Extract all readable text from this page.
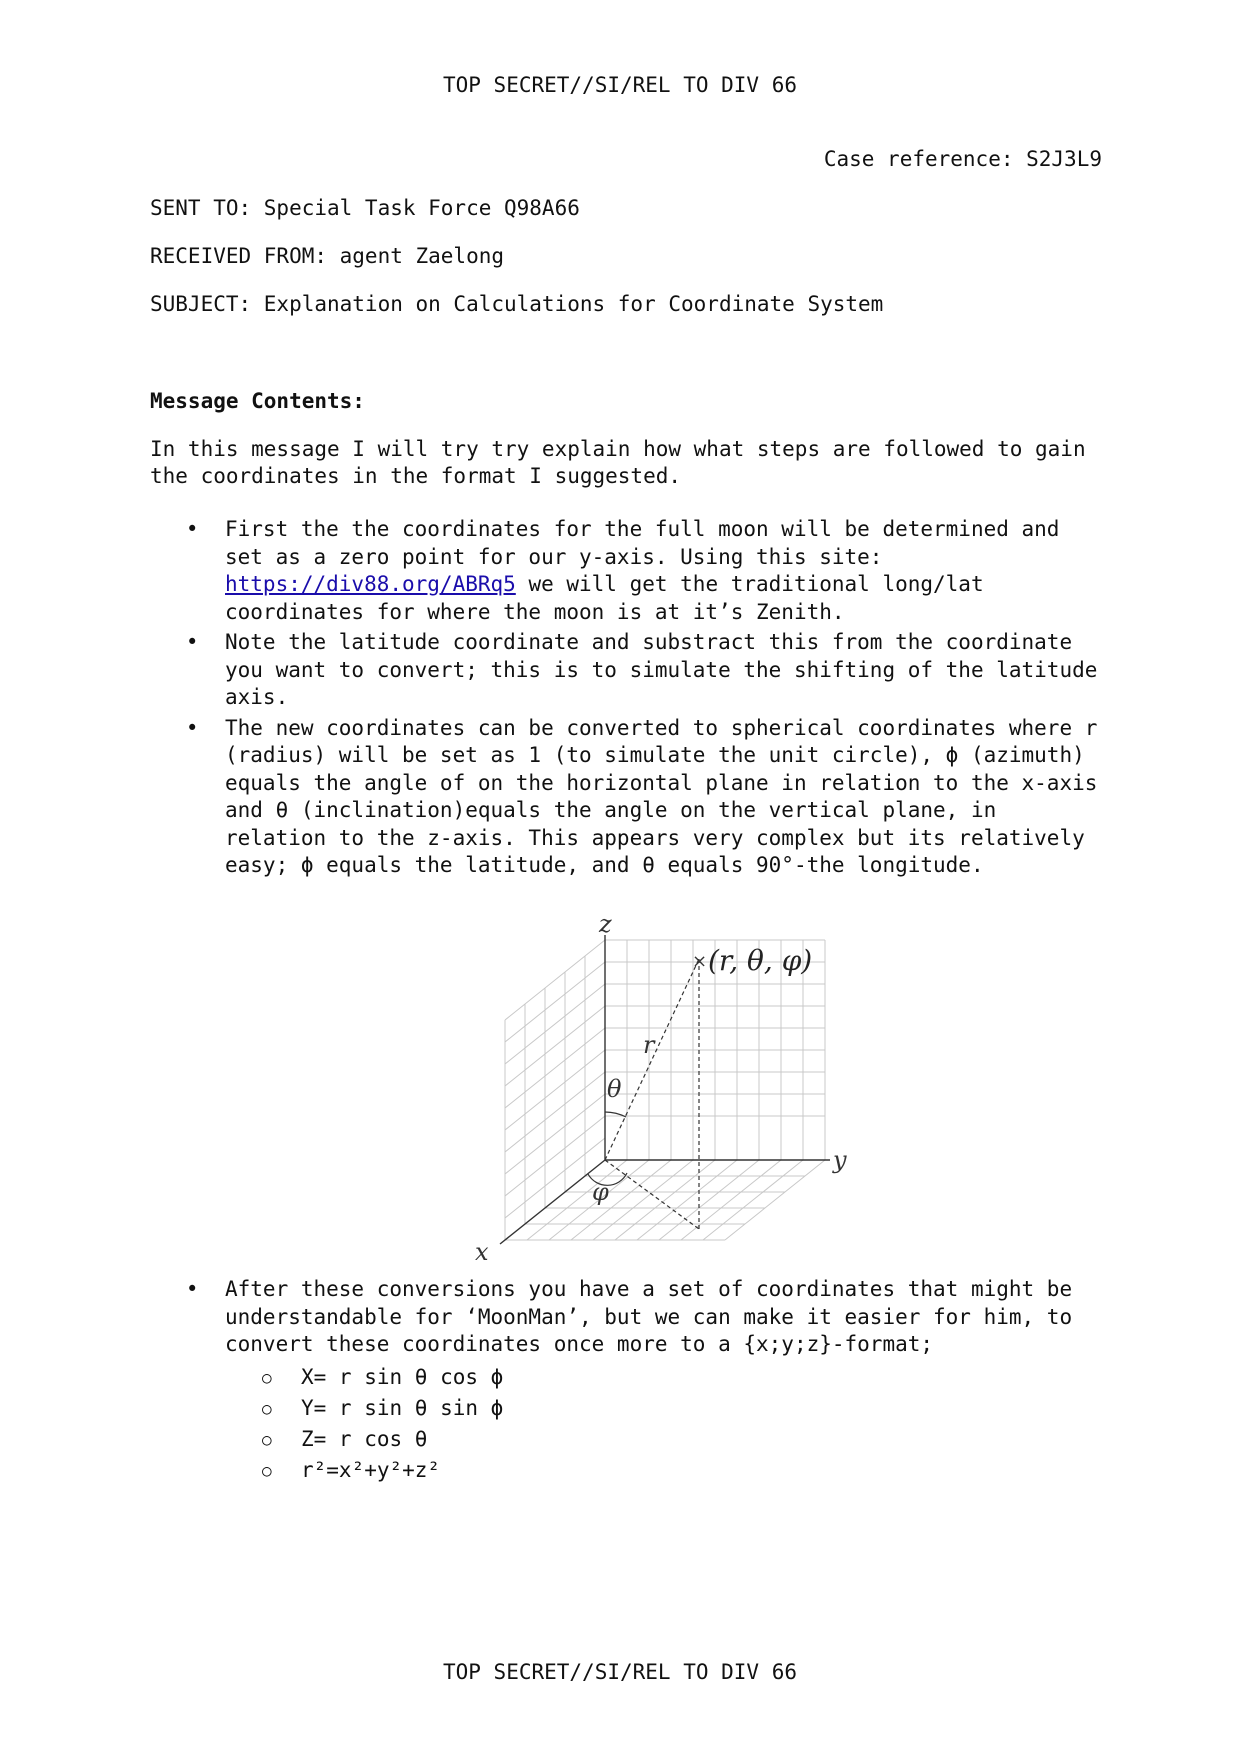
TOP SECRET//SI/REL TO DIV 66
Case reference: S2J3L9
SENT TO: Special Task Force Q98A66
RECEIVED FROM: agent Zaelong
SUBJECT: Explanation on Calculations for Coordinate System
Message Contents:

In this message I will try try explain how what steps are followed to gain the coordinates in the format I suggested.

• First the the coordinates for the full moon will be determined and set as a zero point for our y-axis. Using this site: https://div88.org/ABRq5 we will get the traditional long/lat coordinates for where the moon is at it’s Zenith.
• Note the latitude coordinate and substract this from the coordinate you want to convert; this is to simulate the shifting of the latitude axis.
• The new coordinates can be converted to spherical coordinates where r (radius) will be set as 1 (to simulate the unit circle), ϕ (azimuth) equals the angle of on the horizontal plane in relation to the x-axis and θ (inclination)equals the angle on the vertical plane, in relation to the z-axis. This appears very complex but its relatively easy; ϕ equals the latitude, and θ equals 90°-the longitude.
z
y
x
× (r, θ, φ)
r
θ
φ
• After these conversions you have a set of coordinates that might be understandable for ‘MoonMan’, but we can make it easier for him, to convert these coordinates once more to a {x;y;z}-format;
○ X= r sin θ cos ϕ
○ Y= r sin θ sin ϕ
○ Z= r cos θ
○ r²=x²+y²+z²
TOP SECRET//SI/REL TO DIV 66
